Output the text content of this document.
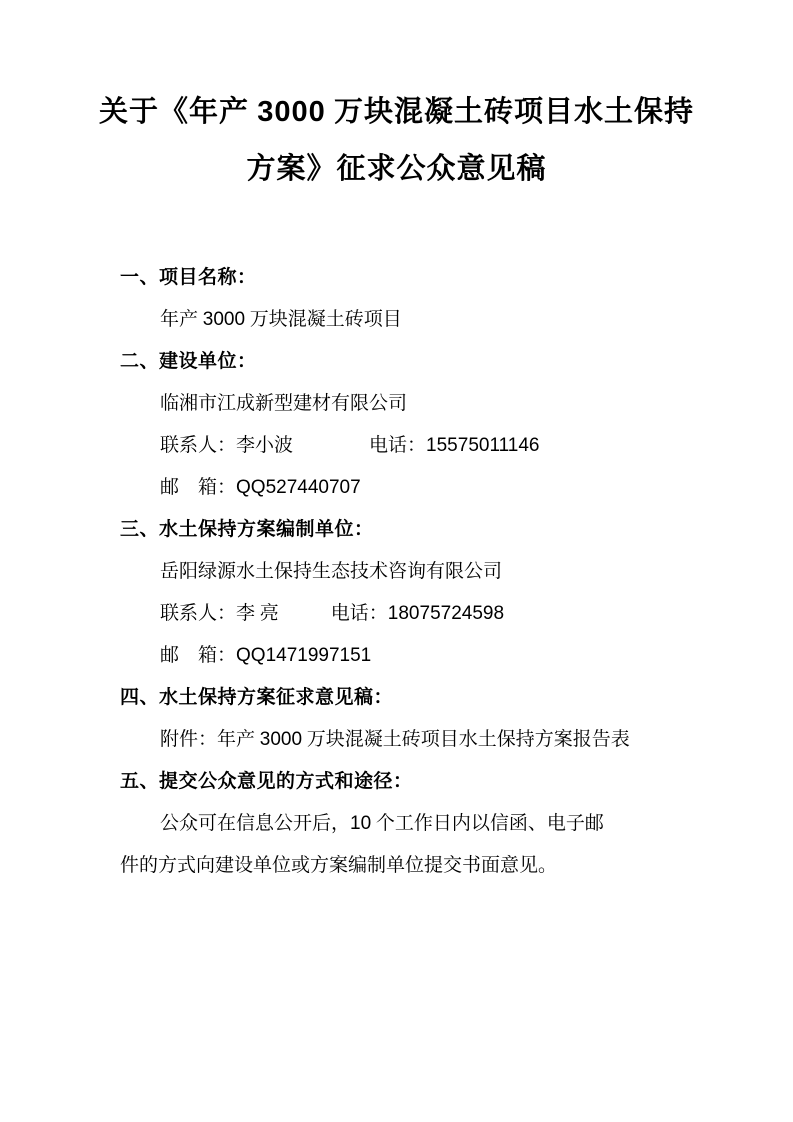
关于《年产 3000 万块混凝土砖项目水土保持
方案》征求公众意见稿
一、项目名称：
年产 3000 万块混凝土砖项目
二、建设单位：
临湘市江成新型建材有限公司
联系人：李小波	电话：15575011146
邮　箱：QQ527440707
三、水土保持方案编制单位：
岳阳绿源水土保持生态技术咨询有限公司
联系人：李 亮	电话：18075724598
邮　箱：QQ1471997151
四、水土保持方案征求意见稿：
附件：年产 3000 万块混凝土砖项目水土保持方案报告表
五、提交公众意见的方式和途径：
公众可在信息公开后，10 个工作日内以信函、电子邮
件的方式向建设单位或方案编制单位提交书面意见。
